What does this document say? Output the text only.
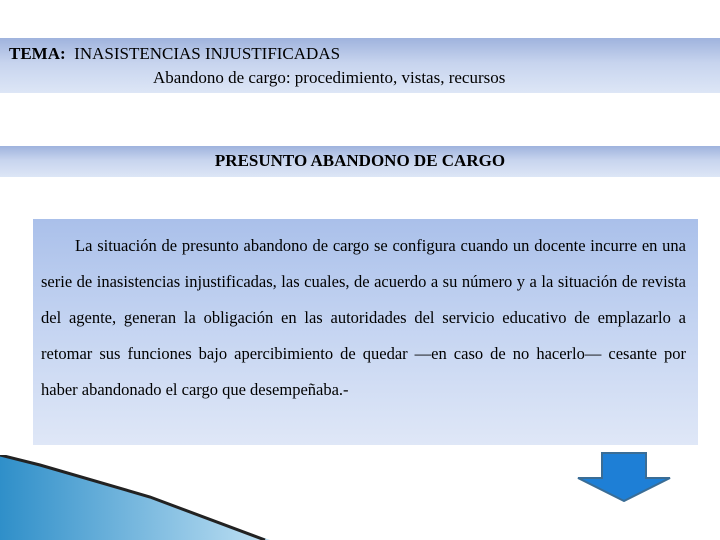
TEMA: INASISTENCIAS INJUSTIFICADAS
Abandono de cargo: procedimiento, vistas, recursos
PRESUNTO ABANDONO DE CARGO

La situación de presunto abandono de cargo se configura cuando un docente incurre en una serie de inasistencias injustificadas, las cuales, de acuerdo a su número y a la situación de revista del agente, generan la obligación en las autoridades del servicio educativo de emplazarlo a retomar sus funciones bajo apercibimiento de quedar —en caso de no hacerlo— cesante por haber abandonado el cargo que desempeñaba.-
